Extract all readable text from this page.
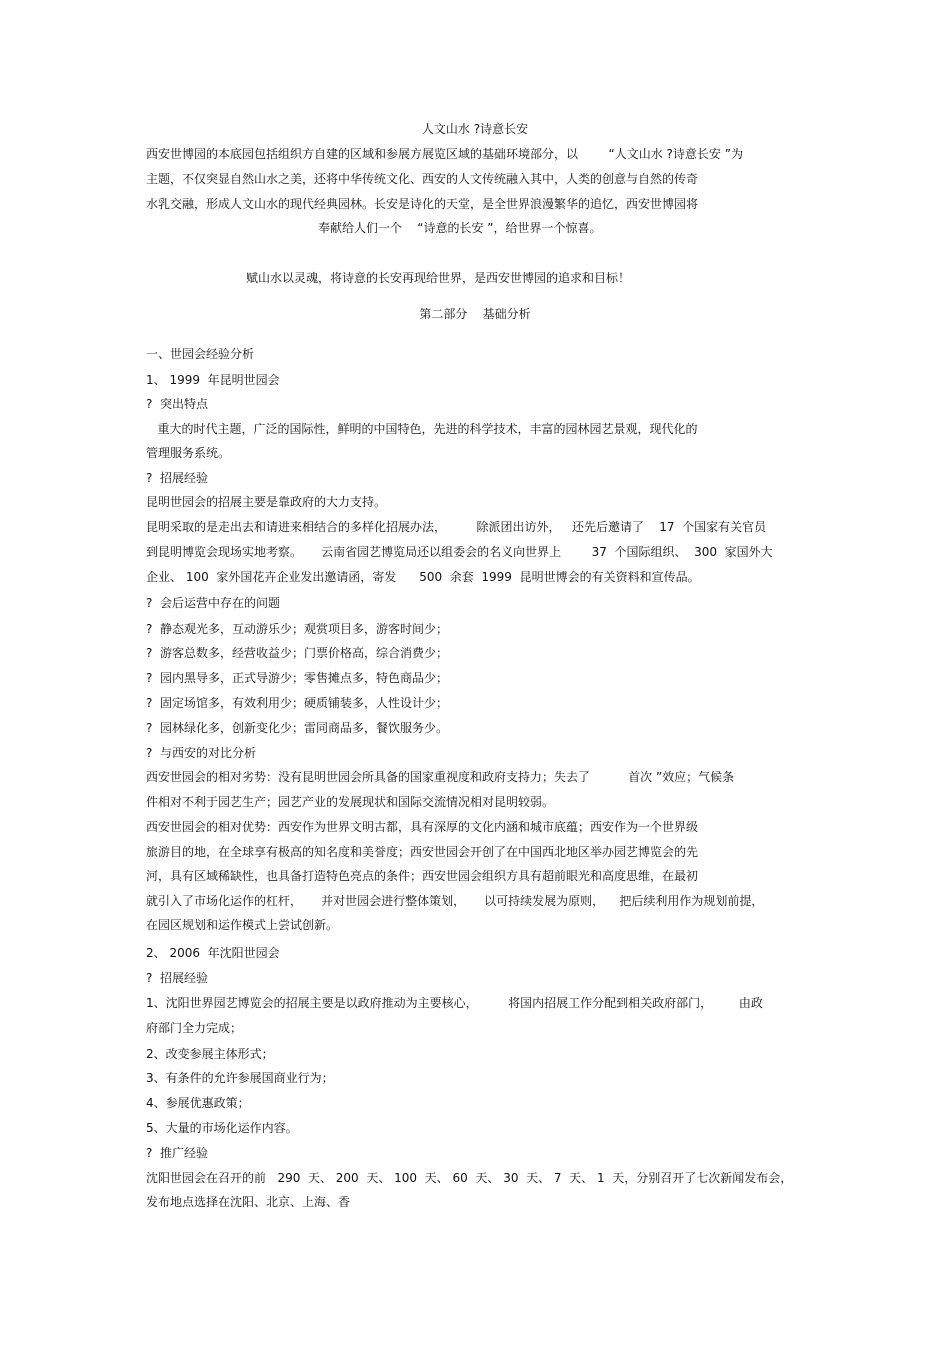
人文山水 ?诗意长安
西安世博园的本底园包括组织方自建的区域和参展方展览区域的基础环境部分，以        “人文山水 ?诗意长安 ”为
主题，不仅突显自然山水之美，还将中华传统文化、西安的人文传统融入其中，人类的创意与自然的传奇
水乳交融，形成人文山水的现代经典园林。长安是诗化的天堂，是全世界浪漫繁华的追忆，西安世博园将
奉献给人们一个    “诗意的长安 ”，给世界一个惊喜。
赋山水以灵魂，将诗意的长安再现给世界，是西安世博园的追求和目标！
第二部分    基础分析
一、世园会经验分析
1、 1999  年昆明世园会
?  突出特点
重大的时代主题，广泛的国际性，鲜明的中国特色，先进的科学技术，丰富的园林园艺景观，现代化的
管理服务系统。
?  招展经验
昆明世园会的招展主要是靠政府的大力支持。
昆明采取的是走出去和请进来相结合的多样化招展办法，        除派团出访外，   还先后邀请了    17  个国家有关官员
到昆明博览会现场实地考察。     云南省园艺博览局还以组委会的名义向世界上        37  个国际组织、  300  家国外大
企业、 100  家外国花卉企业发出邀请函，寄发      500  余套  1999  昆明世博会的有关资料和宣传品。
?  会后运营中存在的问题
?  静态观光多，互动游乐少；观赏项目多，游客时间少；
?  游客总数多，经营收益少；门票价格高，综合消费少；
?  园内黑导多，正式导游少；零售摊点多，特色商品少；
?  固定场馆多，有效利用少；硬质铺装多，人性设计少；
?  园林绿化多，创新变化少；雷同商品多，餐饮服务少。
?  与西安的对比分析
西安世园会的相对劣势：没有昆明世园会所具备的国家重视度和政府支持力；失去了          首次 ”效应；气候条
件相对不利于园艺生产；园艺产业的发展现状和国际交流情况相对昆明较弱。
西安世园会的相对优势：西安作为世界文明古都，具有深厚的文化内涵和城市底蕴；西安作为一个世界级
旅游目的地，在全球享有极高的知名度和美誉度；西安世园会开创了在中国西北地区举办园艺博览会的先
河，具有区域稀缺性，也具备打造特色亮点的条件；西安世园会组织方具有超前眼光和高度思维，在最初
就引入了市场化运作的杠杆，     并对世园会进行整体策划，     以可持续发展为原则，    把后续利用作为规划前提，
在园区规划和运作模式上尝试创新。
2、 2006  年沈阳世园会
?  招展经验
1、沈阳世界园艺博览会的招展主要是以政府推动为主要核心，        将国内招展工作分配到相关政府部门，       由政
府部门全力完成；
2、改变参展主体形式；
3、有条件的允许参展国商业行为；
4、参展优惠政策；
5、大量的市场化运作内容。
?  推广经验
沈阳世园会在召开的前   290  天、 200  天、 100  天、 60  天、 30  天、 7  天、 1  天，分别召开了七次新闻发布会，
发布地点选择在沈阳、北京、上海、香
